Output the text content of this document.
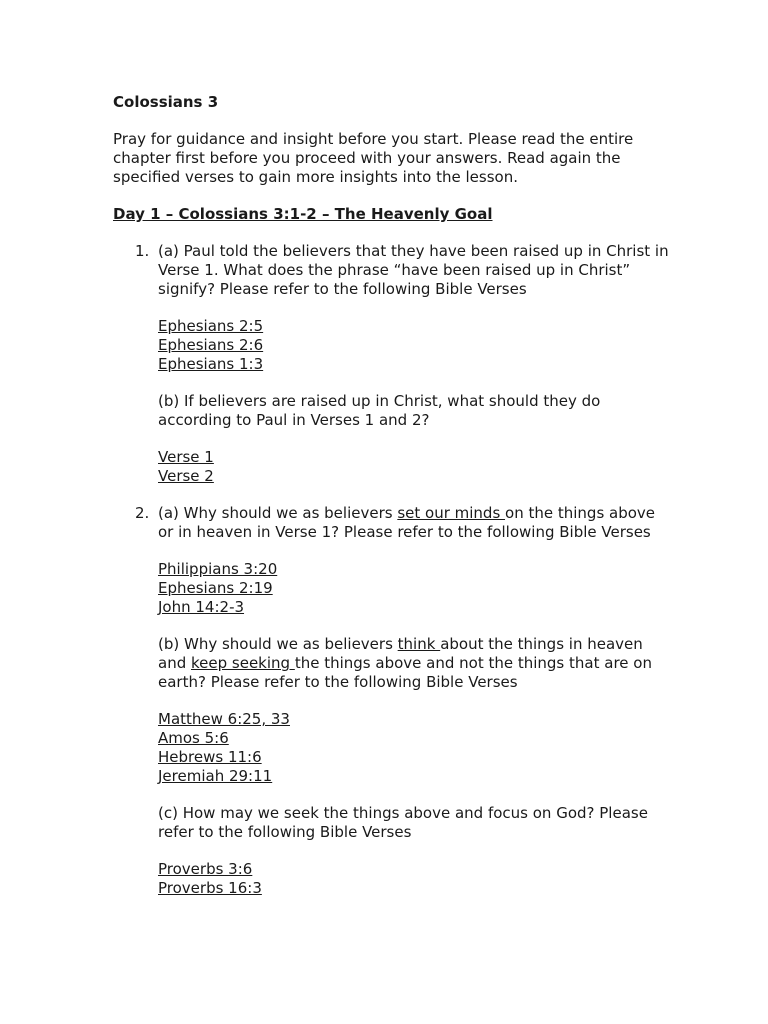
Colossians 3

Pray for guidance and insight before you start. Please read the entire chapter first before you proceed with your answers. Read again the specified verses to gain more insights into the lesson.

Day 1 – Colossians 3:1-2 – The Heavenly Goal

1. (a) Paul told the believers that they have been raised up in Christ in Verse 1. What does the phrase “have been raised up in Christ” signify? Please refer to the following Bible Verses

Ephesians 2:5
Ephesians 2:6
Ephesians 1:3

(b) If believers are raised up in Christ, what should they do according to Paul in Verses 1 and 2?

Verse 1
Verse 2
2. (a) Why should we as believers set our minds on the things above or in heaven in Verse 1? Please refer to the following Bible Verses

Philippians 3:20
Ephesians 2:19
John 14:2-3

(b) Why should we as believers think about the things in heaven and keep seeking the things above and not the things that are on earth? Please refer to the following Bible Verses

Matthew 6:25, 33
Amos 5:6
Hebrews 11:6
Jeremiah 29:11

(c) How may we seek the things above and focus on God? Please refer to the following Bible Verses

Proverbs 3:6
Proverbs 16:3
